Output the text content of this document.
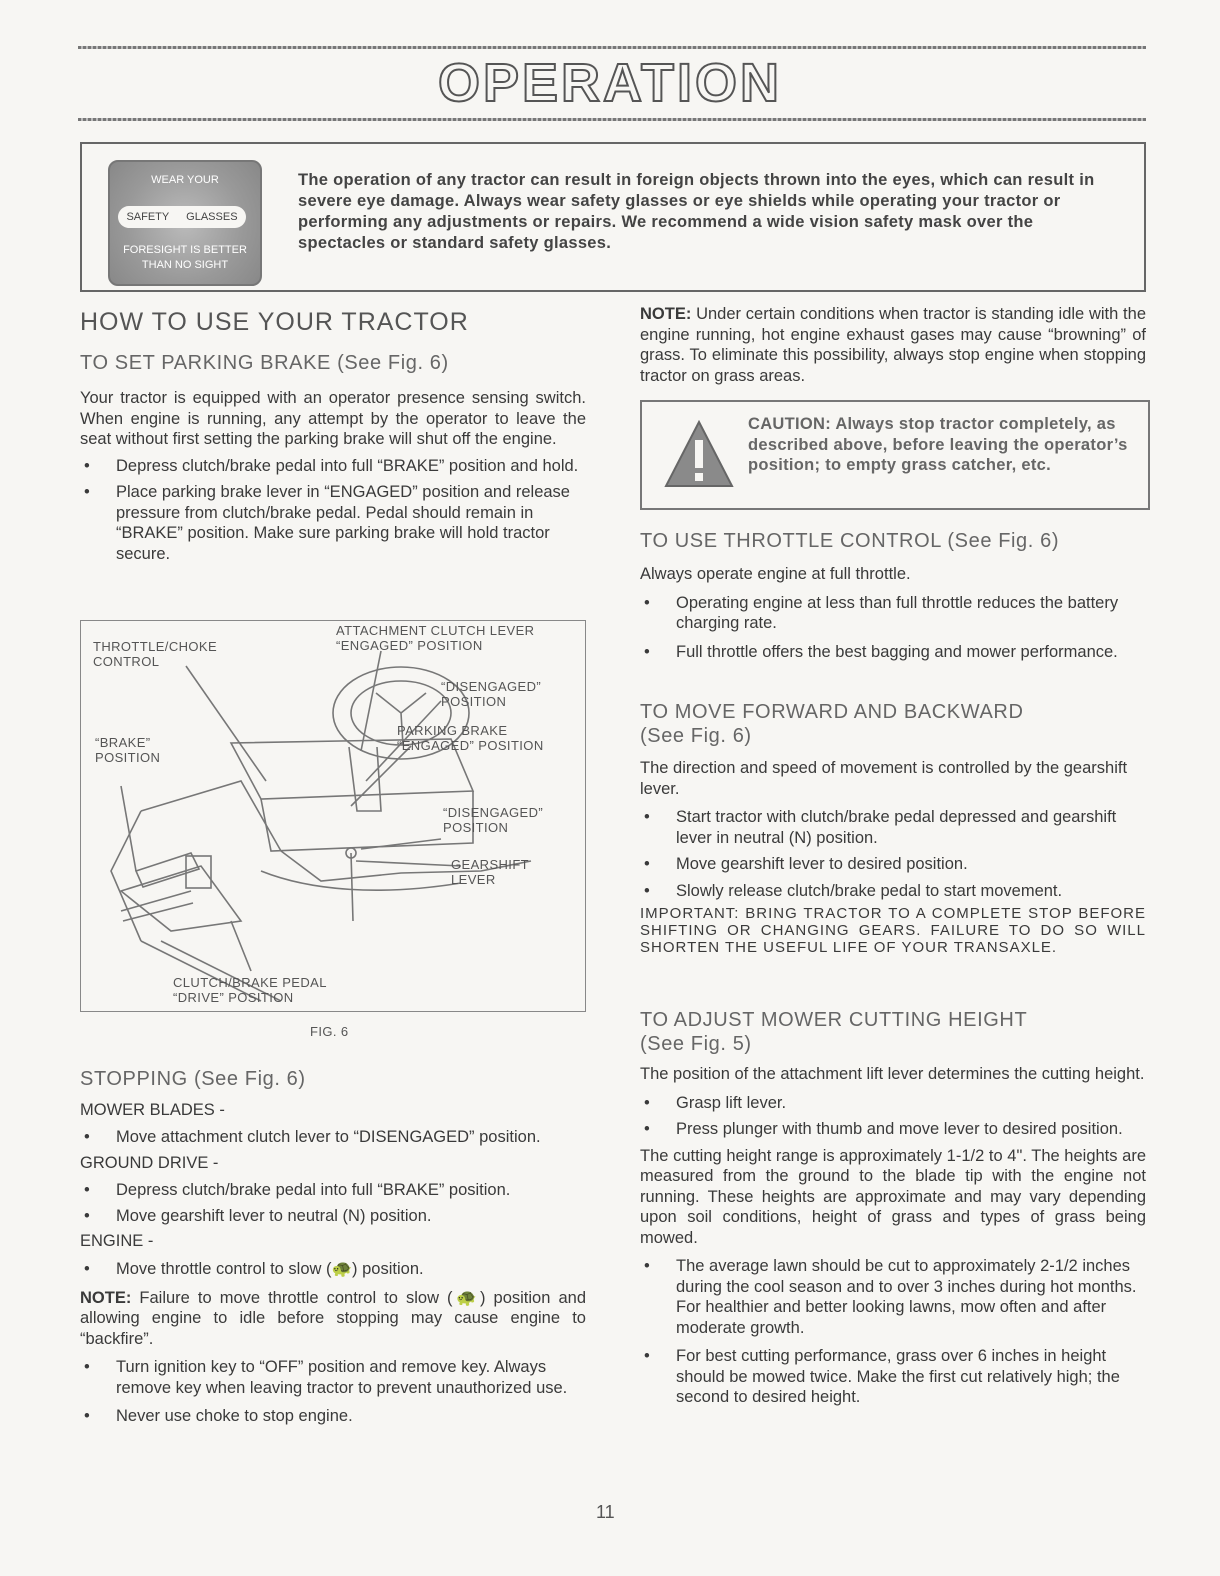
OPERATION
WEAR YOUR
SAFETY GLASSES
FORESIGHT IS BETTER
THAN NO SIGHT
The operation of any tractor can result in foreign objects thrown into the eyes, which can result in severe eye damage. Always wear safety glasses or eye shields while operating your tractor or performing any adjustments or repairs. We recommend a wide vision safety mask over the spectacles or standard safety glasses.
HOW TO USE YOUR TRACTOR
TO SET PARKING BRAKE (See Fig. 6)

Your tractor is equipped with an operator presence sensing switch. When engine is running, any attempt by the operator to leave the seat without first setting the parking brake will shut off the engine.

• Depress clutch/brake pedal into full “BRAKE” position and hold.
• Place parking brake lever in “ENGAGED” position and release pressure from clutch/brake pedal. Pedal should remain in “BRAKE” position. Make sure parking brake will hold tractor secure.
THROTTLE/CHOKE
CONTROL
ATTACHMENT CLUTCH LEVER
“ENGAGED” POSITION
“DISENGAGED”
POSITION
“BRAKE”
POSITION
PARKING BRAKE
“ENGAGED” POSITION
“DISENGAGED”
POSITION
GEARSHIFT
LEVER
CLUTCH/BRAKE PEDAL
“DRIVE” POSITION
FIG. 6
STOPPING (See Fig. 6)

MOWER BLADES -

• Move attachment clutch lever to “DISENGAGED” position.

GROUND DRIVE -

• Depress clutch/brake pedal into full “BRAKE” position.
• Move gearshift lever to neutral (N) position.

ENGINE -

• Move throttle control to slow (🐢) position.

NOTE: Failure to move throttle control to slow (🐢) position and allowing engine to idle before stopping may cause engine to “backfire”.

• Turn ignition key to “OFF” position and remove key. Always remove key when leaving tractor to prevent unauthorized use.
• Never use choke to stop engine.

NOTE: Under certain conditions when tractor is standing idle with the engine running, hot engine exhaust gases may cause “browning” of grass. To eliminate this possibility, always stop engine when stopping tractor on grass areas.

CAUTION: Always stop tractor completely, as described above, before leaving the operator’s position; to empty grass catcher, etc.
TO USE THROTTLE CONTROL (See Fig. 6)

Always operate engine at full throttle.

• Operating engine at less than full throttle reduces the battery charging rate.
• Full throttle offers the best bagging and mower performance.
TO MOVE FORWARD AND BACKWARD
(See Fig. 6)

The direction and speed of movement is controlled by the gearshift lever.

• Start tractor with clutch/brake pedal depressed and gearshift lever in neutral (N) position.
• Move gearshift lever to desired position.
• Slowly release clutch/brake pedal to start movement.

IMPORTANT: BRING TRACTOR TO A COMPLETE STOP BEFORE SHIFTING OR CHANGING GEARS. FAILURE TO DO SO WILL SHORTEN THE USEFUL LIFE OF YOUR TRANSAXLE.

TO ADJUST MOWER CUTTING HEIGHT
(See Fig. 5)

The position of the attachment lift lever determines the cutting height.

• Grasp lift lever.
• Press plunger with thumb and move lever to desired position.

The cutting height range is approximately 1-1/2 to 4". The heights are measured from the ground to the blade tip with the engine not running. These heights are approximate and may vary depending upon soil conditions, height of grass and types of grass being mowed.

• The average lawn should be cut to approximately 2-1/2 inches during the cool season and to over 3 inches during hot months. For healthier and better looking lawns, mow often and after moderate growth.
• For best cutting performance, grass over 6 inches in height should be mowed twice. Make the first cut relatively high; the second to desired height.
11
